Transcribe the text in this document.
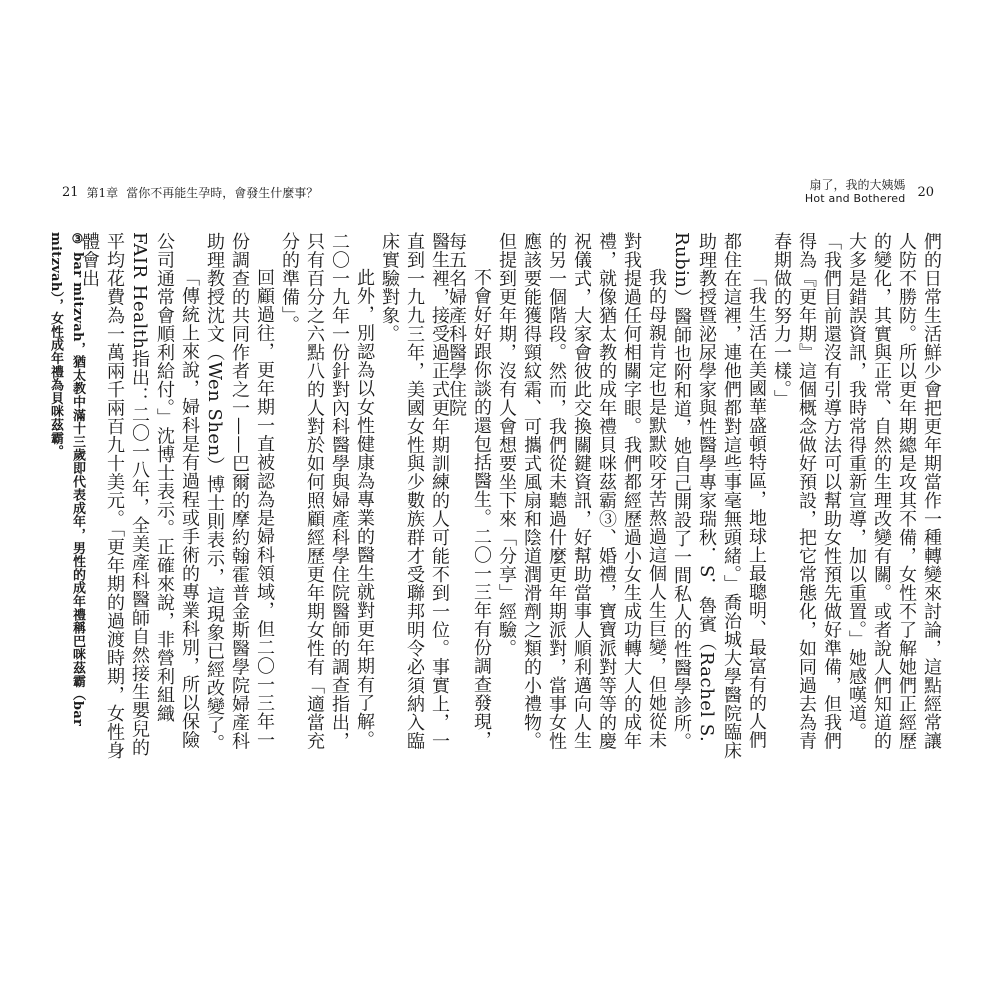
21 第1章 當你不再能生孕時，會發生什麼事？
扇了，我的大姨媽
Hot and Bothered 20

們的日常生活鮮少會把更年期當作一種轉變來討論，這點經常讓人防不勝防。所以更年期總是攻其不備，女性不了解她們正經歷的變化，其實與正常、自然的生理改變有關。或者說人們知道的大多是錯誤資訊，我時常得重新宣導，加以重置。」她感嘆道。「我們目前還沒有引導方法可以幫助女性預先做好準備，但我們得為『更年期』這個概念做好預設，把它常態化，如同過去為青春期做的努力一樣。」

「我生活在美國華盛頓特區，地球上最聰明、最富有的人們都住在這裡，連他們都對這些事毫無頭緒。」喬治城大學醫院臨床助理教授暨泌尿學家與性醫學專家瑞秋．S．魯賓（Rachel S. Rubin）醫師也附和道，她自己開設了一間私人的性醫學診所。

我的母親肯定也是默默咬牙苦熬過這個人生巨變，但她從未對我提過任何相關字眼。我們都經歷過小女生成功轉大人的成年禮，就像猶太教的成年禮貝咪茲霸③、婚禮，寶寶派對等等的慶祝儀式，大家會彼此交換關鍵資訊，好幫助當事人順利邁向人生的另一個階段。然而，我們從未聽過什麼更年期派對，當事女性應該要能獲得頸紋霜、可攜式風扇和陰道潤滑劑之類的小禮物。但提到更年期，沒有人會想要坐下來「分享」經驗。

不會好好跟你談的還包括醫生。二〇一三年有份調查發現，每五名婦產科醫學住院

醫生裡，接受過正式更年期訓練的人可能不到一位。事實上，一直到一九九三年，美國女性與少數族群才受聯邦明令必須納入臨床實驗對象。

此外，別認為以女性健康為專業的醫生就對更年期有了解。二〇一九年一份針對內科醫學與婦產科學住院醫師的調查指出，只有百分之六點八的人對於如何照顧經歷更年期女性有「適當充分的準備」。

回顧過往，更年期一直被認為是婦科領域，但二〇一三年一份調查的共同作者之一——巴爾的摩約翰霍普金斯醫學院婦產科助理教授沈文（Wen Shen）博士則表示，這現象已經改變了。

「傳統上來說，婦科是有過程或手術的專業科別，所以保險公司通常會順利給付。」沈博士表示。正確來說，非營利組織FAIR Health指出：二〇一八年，全美產科醫師自然接生嬰兒的平均花費為一萬兩千兩百九十美元。「更年期的過渡時期，女性身體會出

③ bar mitzvah，猶太教中滿十三歲即代表成年，男性的成年禮稱巴咪茲霸（bar mitzvah），女性成年禮為貝咪茲霸。
